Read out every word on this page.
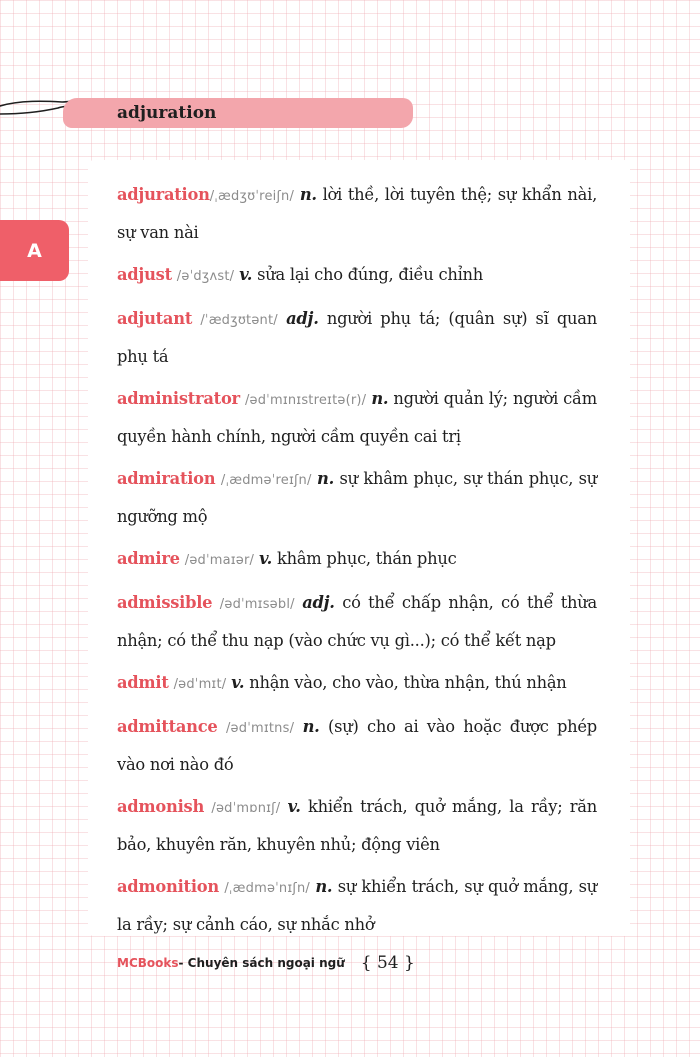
adjuration
A

adjuration/ˌædʒʊˈreiʃn/ n. lời thề, lời tuyên thệ; sự khẩn nài, sự van nài

adjust /əˈdʒʌst/ v. sửa lại cho đúng, điều chỉnh

adjutant /ˈædʒʊtənt/ adj. người phụ tá; (quân sự) sĩ quan phụ tá

administrator /ədˈmɪnɪstreɪtə(r)/ n. người quản lý; người cầm quyền hành chính, người cầm quyền cai trị

admiration /ˌædməˈreɪʃn/ n. sự khâm phục, sự thán phục, sự ngưỡng mộ

admire /ədˈmaɪər/ v. khâm phục, thán phục

admissible /ədˈmɪsəbl/ adj. có thể chấp nhận, có thể thừa nhận; có thể thu nạp (vào chức vụ gì...); có thể kết nạp

admit /ədˈmɪt/ v. nhận vào, cho vào, thừa nhận, thú nhận

admittance /ədˈmɪtns/ n. (sự) cho ai vào hoặc được phép vào nơi nào đó

admonish /ədˈmɒnɪʃ/ v. khiển trách, quở mắng, la rầy; răn bảo, khuyên răn, khuyên nhủ; động viên

admonition /ˌædməˈnɪʃn/ n. sự khiển trách, sự quở mắng, sự la rầy; sự cảnh cáo, sự nhắc nhở

MCBooks - Chuyên sách ngoại ngữ { 54 }
